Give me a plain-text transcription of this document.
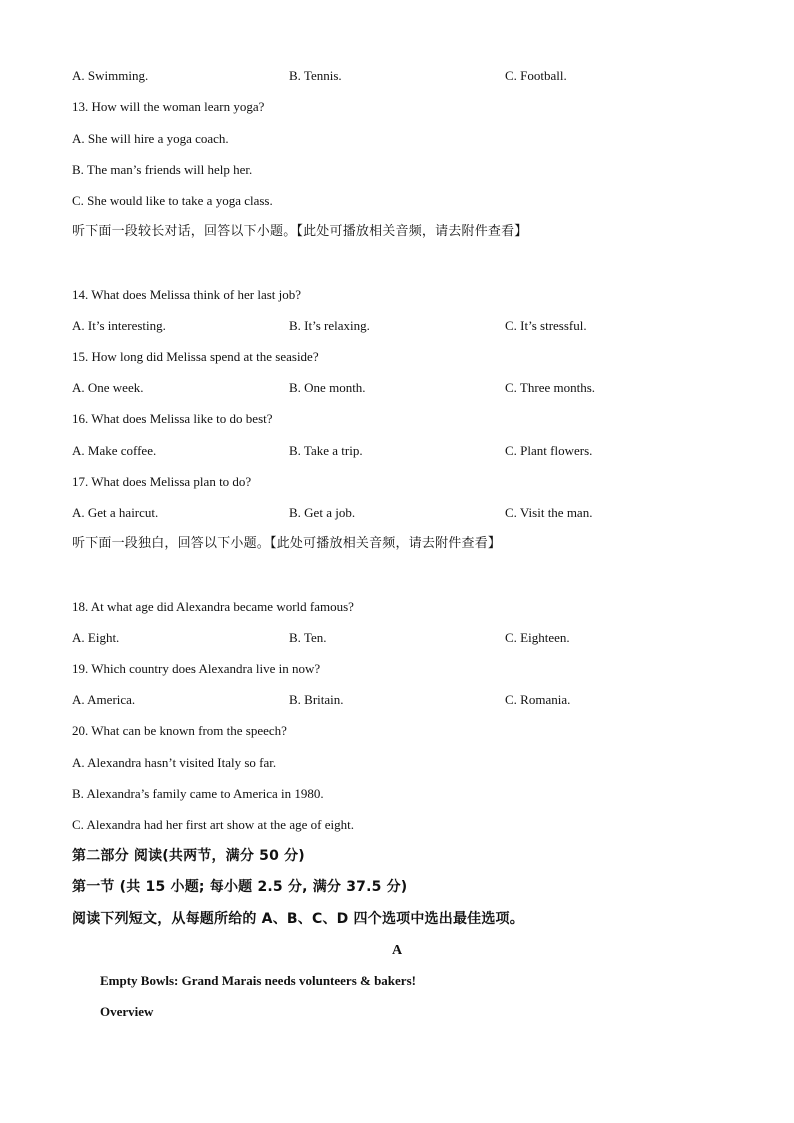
A. Swimming.	B. Tennis.	C. Football.
13. How will the woman learn yoga?
A. She will hire a yoga coach.
B. The man’s friends will help her.
C. She would like to take a yoga class.
听下面一段较长对话，回答以下小题。【此处可播放相关音频，请去附件查看】
14. What does Melissa think of her last job?
A. It’s interesting.	B. It’s relaxing.	C. It’s stressful.
15. How long did Melissa spend at the seaside?
A. One week.	B. One month.	C. Three months.
16. What does Melissa like to do best?
A. Make coffee.	B. Take a trip.	C. Plant flowers.
17. What does Melissa plan to do?
A. Get a haircut.	B. Get a job.	C. Visit the man.
听下面一段独白，回答以下小题。【此处可播放相关音频，请去附件查看】
18. At what age did Alexandra became world famous?
A. Eight.	B. Ten.	C. Eighteen.
19. Which country does Alexandra live in now?
A. America.	B. Britain.	C. Romania.
20. What can be known from the speech?
A. Alexandra hasn’t visited Italy so far.
B. Alexandra’s family came to America in 1980.
C. Alexandra had her first art show at the age of eight.
第二部分 阅读(共两节，满分 50 分)
第一节 (共 15 小题; 每小题 2.5 分, 满分 37.5 分)
阅读下列短文，从每题所给的 A、B、C、D 四个选项中选出最佳选项。
A
Empty Bowls: Grand Marais needs volunteers & bakers!
Overview
